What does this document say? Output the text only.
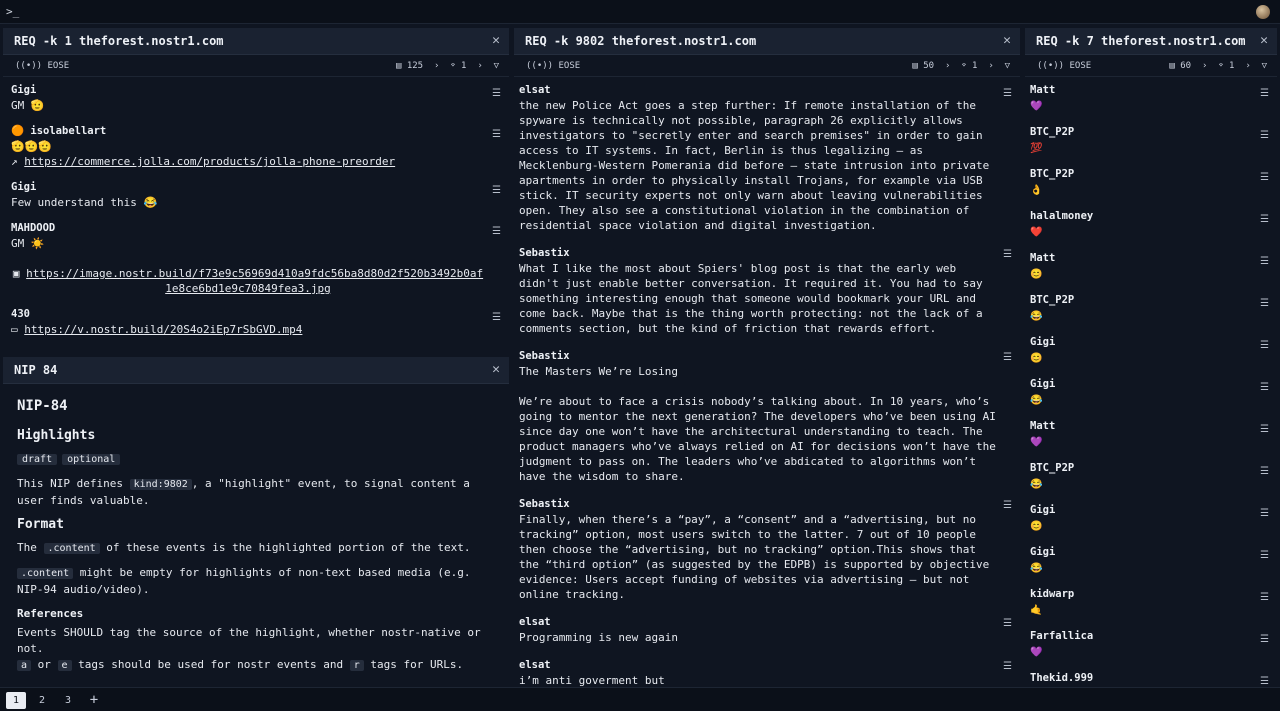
>_
REQ -k 1 theforest.nostr1.com	✕
((•)) EOSE	▤ 125 › ⌔ 1 › ▽
Gigi
GM 🫡
☰
🟠 isolabellart
🫡🫡🫡
↗ https://commerce.jolla.com/products/jolla-phone-preorder
☰
Gigi
Few understand this 😂
☰
MAHDOOD
GM ☀️
▣ https://image.nostr.build/f73e9c56969d410a9fdc56ba8d80d2f520b3492b0af1e8ce6bd1e9c70849fea3.jpg
☰
430
▭ https://v.nostr.build/20S4o2iEp7rSbGVD.mp4
☰
NIP 84	✕
NIP-84
Highlights

draft optional

This NIP defines kind:9802 , a "highlight" event, to signal content a user finds valuable.

Format

The .content of these events is the highlighted portion of the text.

.content might be empty for highlights of non-text based media (e.g. NIP-94 audio/video).

References

Events SHOULD tag the source of the highlight, whether nostr-native or not.
a or e tags should be used for nostr events and r tags for URLs.

REQ -k 9802 theforest.nostr1.com	✕
((•)) EOSE	▤ 50 › ⌔ 1 › ▽
elsat
the new Police Act goes a step further: If remote installation of the spyware is technically not possible, paragraph 26 explicitly allows investigators to "secretly enter and search premises" in order to gain access to IT systems. In fact, Berlin is thus legalizing – as Mecklenburg-Western Pomerania did before – state intrusion into private apartments in order to physically install Trojans, for example via USB stick. IT security experts not only warn about leaving vulnerabilities open. They also see a constitutional violation in the combination of residential space violation and digital investigation.
☰
Sebastix
What I like the most about Spiers' blog post is that the early web didn't just enable better conversation. It required it. You had to say something interesting enough that someone would bookmark your URL and come back. Maybe that is the thing worth protecting: not the lack of a comments section, but the kind of friction that rewards effort.
☰
Sebastix
The Masters We’re Losing

We’re about to face a crisis nobody’s talking about. In 10 years, who’s going to mentor the next generation? The developers who’ve been using AI since day one won’t have the architectural understanding to teach. The product managers who’ve always relied on AI for decisions won’t have the judgment to pass on. The leaders who’ve abdicated to algorithms won’t have the wisdom to share.
☰
Sebastix
Finally, when there’s a “pay”, a “consent” and a “advertising, but no tracking” option, most users switch to the latter. 7 out of 10 people then choose the “advertising, but no tracking” option.This shows that the “third option” (as suggested by the EDPB) is supported by objective evidence: Users accept funding of websites via advertising – but not online tracking.
☰
elsat
Programming is new again
☰
elsat
i’m anti goverment but
☰
REQ -k 7 theforest.nostr1.com ✕
((•)) EOSE	▤ 60 › ⌔ 1 › ▽
Matt
💜
☰
BTC_P2P
💯
☰
BTC_P2P
👌
☰
halalmoney
❤️
☰
Matt
😊
☰
BTC_P2P
😂
☰
Gigi
😊
☰
Gigi
😂
☰
Matt
💜
☰
BTC_P2P
😂
☰
Gigi
😊
☰
Gigi
😂
☰
kidwarp
🤙
☰
Farfallica
💜
☰
Thekid.999	☰
1	2	3	+
